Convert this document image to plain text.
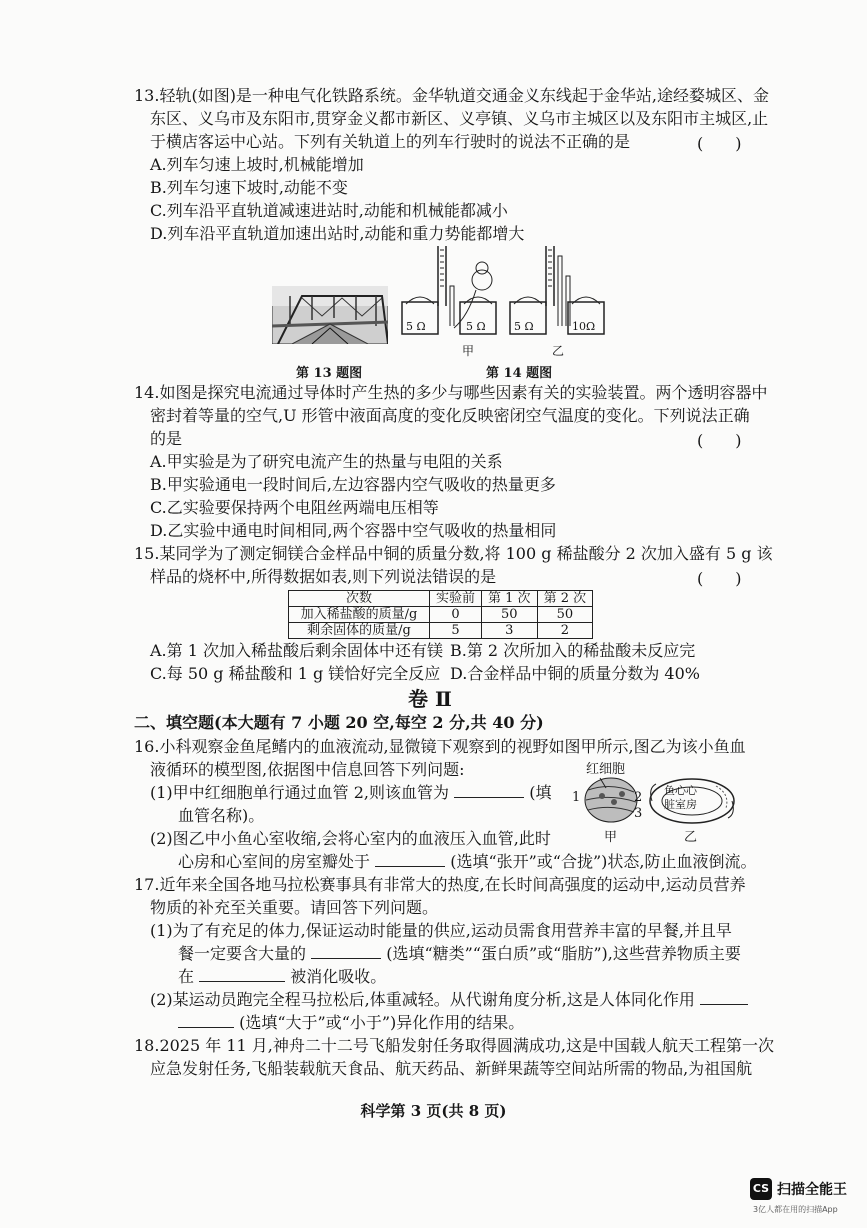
13.轻轨(如图)是一种电气化铁路系统。金华轨道交通金义东线起于金华站,途经婺城区、金
东区、义乌市及东阳市,贯穿金义都市新区、义亭镇、义乌市主城区以及东阳市主城区,止
于横店客运中心站。下列有关轨道上的列车行驶时的说法不正确的是	(　　)
A.列车匀速上坡时,机械能增加
B.列车匀速下坡时,动能不变
C.列车沿平直轨道减速进站时,动能和机械能都减小
D.列车沿平直轨道加速出站时,动能和重力势能都增大
5 Ω	5 Ω
甲
5 Ω	10Ω
乙
第 13 题图	第 14 题图
14.如图是探究电流通过导体时产生热的多少与哪些因素有关的实验装置。两个透明容器中
密封着等量的空气,U 形管中液面高度的变化反映密闭空气温度的变化。下列说法正确
的是	(　　)
A.甲实验是为了研究电流产生的热量与电阻的关系
B.甲实验通电一段时间后,左边容器内空气吸收的热量更多
C.乙实验要保持两个电阻丝两端电压相等
D.乙实验中通电时间相同,两个容器中空气吸收的热量相同
15.某同学为了测定铜镁合金样品中铜的质量分数,将 100 g 稀盐酸分 2 次加入盛有 5 g 该
样品的烧杯中,所得数据如表,则下列说法错误的是	(　　)
次数	实验前	第 1 次	第 2 次
加入稀盐酸的质量/g	0	50	50
剩余固体的质量/g	5	3	2
A.第 1 次加入稀盐酸后剩余固体中还有镁 B.第 2 次所加入的稀盐酸未反应完
C.每 50 g 稀盐酸和 1 g 镁恰好完全反应 D.合金样品中铜的质量分数为 40%
卷 Ⅱ
二、填空题(本大题有 7 小题 20 空,每空 2 分,共 40 分)
16.小科观察金鱼尾鳍内的血液流动,显微镜下观察到的视野如图甲所示,图乙为该小鱼血
液循环的模型图,依据图中信息回答下列问题:
(1)甲中红细胞单行通过血管 2,则该血管为	(填
血管名称)。
(2)图乙中小鱼心室收缩,会将心室内的血液压入血管,此时
心房和心室间的房室瓣处于	(选填“张开”或“合拢”)状态,防止血液倒流。
红细胞
1	2
3
甲
鱼心心
脏室房
乙
17.近年来全国各地马拉松赛事具有非常大的热度,在长时间高强度的运动中,运动员营养
物质的补充至关重要。请回答下列问题。
(1)为了有充足的体力,保证运动时能量的供应,运动员需食用营养丰富的早餐,并且早
餐一定要含大量的	(选填“糖类”“蛋白质”或“脂肪”),这些营养物质主要
在	被消化吸收。
(2)某运动员跑完全程马拉松后,体重减轻。从代谢角度分析,这是人体同化作用
(选填“大于”或“小于”)异化作用的结果。
18.2025 年 11 月,神舟二十二号飞船发射任务取得圆满成功,这是中国载人航天工程第一次
应急发射任务,飞船装载航天食品、航天药品、新鲜果蔬等空间站所需的物品,为祖国航
科学第 3 页(共 8 页)
CS 扫描全能王
3亿人都在用的扫描App
